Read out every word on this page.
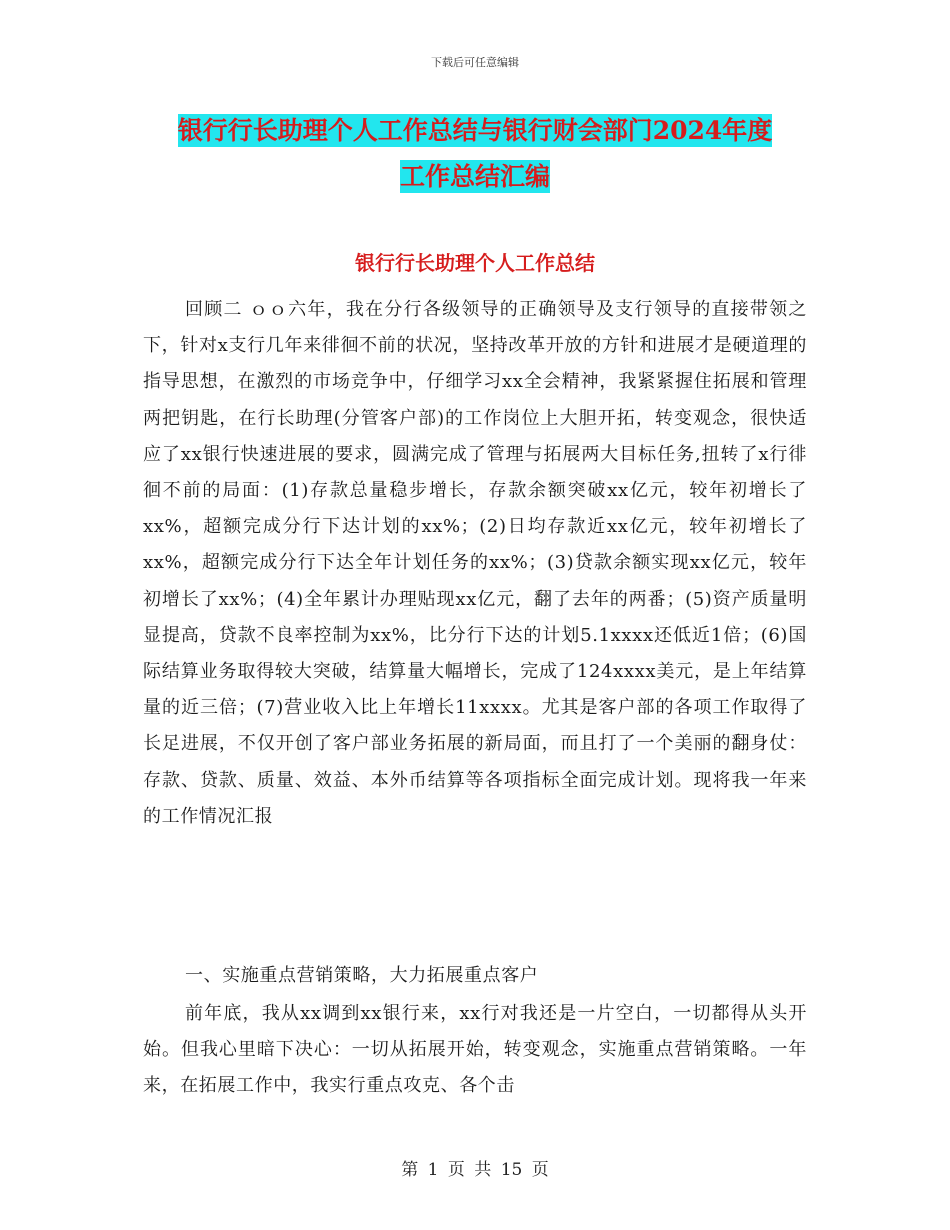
下载后可任意编辑
银行行长助理个人工作总结与银行财会部门2024年度
工作总结汇编
银行行长助理个人工作总结
回顾二 ｏｏ六年，我在分行各级领导的正确领导及支行领导的直接带领之下，针对x支行几年来徘徊不前的状况，坚持改革开放的方针和进展才是硬道理的指导思想，在激烈的市场竞争中，仔细学习xx全会精神，我紧紧握住拓展和管理两把钥匙，在行长助理(分管客户部)的工作岗位上大胆开拓，转变观念，很快适应了xx银行快速进展的要求，圆满完成了管理与拓展两大目标任务,扭转了x行徘徊不前的局面：(1)存款总量稳步增长，存款余额突破xx亿元，较年初增长了xx%，超额完成分行下达计划的xx%；(2)日均存款近xx亿元，较年初增长了xx%，超额完成分行下达全年计划任务的xx%；(3)贷款余额实现xx亿元，较年初增长了xx%；(4)全年累计办理贴现xx亿元，翻了去年的两番；(5)资产质量明显提高，贷款不良率控制为xx%，比分行下达的计划5.1xxxx还低近1倍；(6)国际结算业务取得较大突破，结算量大幅增长，完成了124xxxx美元，是上年结算量的近三倍；(7)营业收入比上年增长11xxxx。尤其是客户部的各项工作取得了长足进展，不仅开创了客户部业务拓展的新局面，而且打了一个美丽的翻身仗：存款、贷款、质量、效益、本外币结算等各项指标全面完成计划。现将我一年来的工作情况汇报
一、实施重点营销策略，大力拓展重点客户
前年底，我从xx调到xx银行来，xx行对我还是一片空白，一切都得从头开始。但我心里暗下决心：一切从拓展开始，转变观念，实施重点营销策略。一年来，在拓展工作中，我实行重点攻克、各个击
第 1 页 共 15 页
